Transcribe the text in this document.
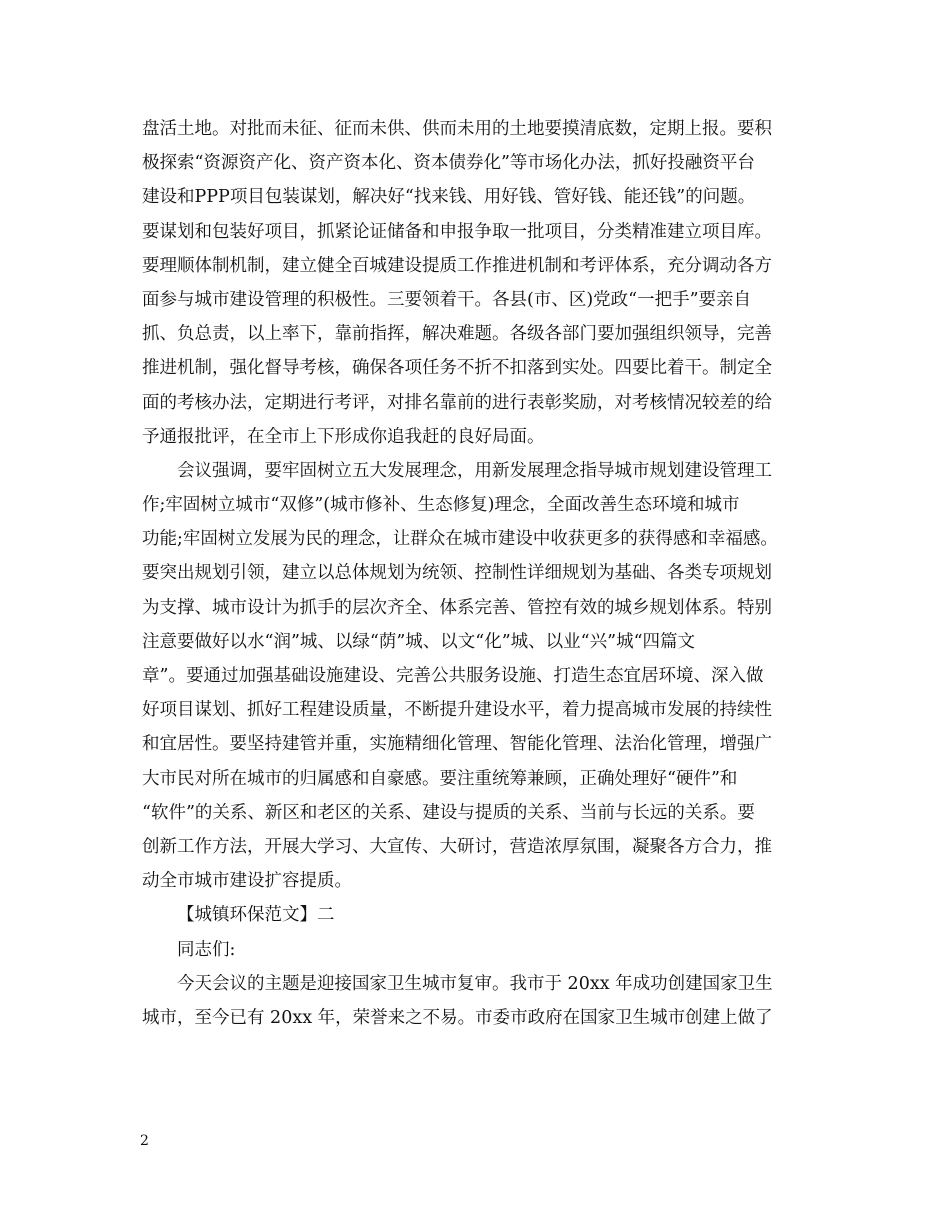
盘活土地。对批而未征、征而未供、供而未用的土地要摸清底数，定期上报。要积
极探索“资源资产化、资产资本化、资本债券化”等市场化办法，抓好投融资平台
建设和PPP项目包装谋划，解决好“找来钱、用好钱、管好钱、能还钱”的问题。
要谋划和包装好项目，抓紧论证储备和申报争取一批项目，分类精准建立项目库。
要理顺体制机制，建立健全百城建设提质工作推进机制和考评体系，充分调动各方
面参与城市建设管理的积极性。三要领着干。各县(市、区)党政“一把手”要亲自
抓、负总责，以上率下，靠前指挥，解决难题。各级各部门要加强组织领导，完善
推进机制，强化督导考核，确保各项任务不折不扣落到实处。四要比着干。制定全
面的考核办法，定期进行考评，对排名靠前的进行表彰奖励，对考核情况较差的给
予通报批评，在全市上下形成你追我赶的良好局面。
会议强调，要牢固树立五大发展理念，用新发展理念指导城市规划建设管理工
作;牢固树立城市“双修”(城市修补、生态修复)理念，全面改善生态环境和城市
功能;牢固树立发展为民的理念，让群众在城市建设中收获更多的获得感和幸福感。
要突出规划引领，建立以总体规划为统领、控制性详细规划为基础、各类专项规划
为支撑、城市设计为抓手的层次齐全、体系完善、管控有效的城乡规划体系。特别
注意要做好以水“润”城、以绿“荫”城、以文“化”城、以业“兴”城“四篇文
章”。要通过加强基础设施建设、完善公共服务设施、打造生态宜居环境、深入做
好项目谋划、抓好工程建设质量，不断提升建设水平，着力提高城市发展的持续性
和宜居性。要坚持建管并重，实施精细化管理、智能化管理、法治化管理，增强广
大市民对所在城市的归属感和自豪感。要注重统筹兼顾，正确处理好“硬件”和
“软件”的关系、新区和老区的关系、建设与提质的关系、当前与长远的关系。要
创新工作方法，开展大学习、大宣传、大研讨，营造浓厚氛围，凝聚各方合力，推
动全市城市建设扩容提质。
【城镇环保范文】二
同志们:
今天会议的主题是迎接国家卫生城市复审。我市于 20xx 年成功创建国家卫生
城市，至今已有 20xx 年，荣誉来之不易。市委市政府在国家卫生城市创建上做了
2
